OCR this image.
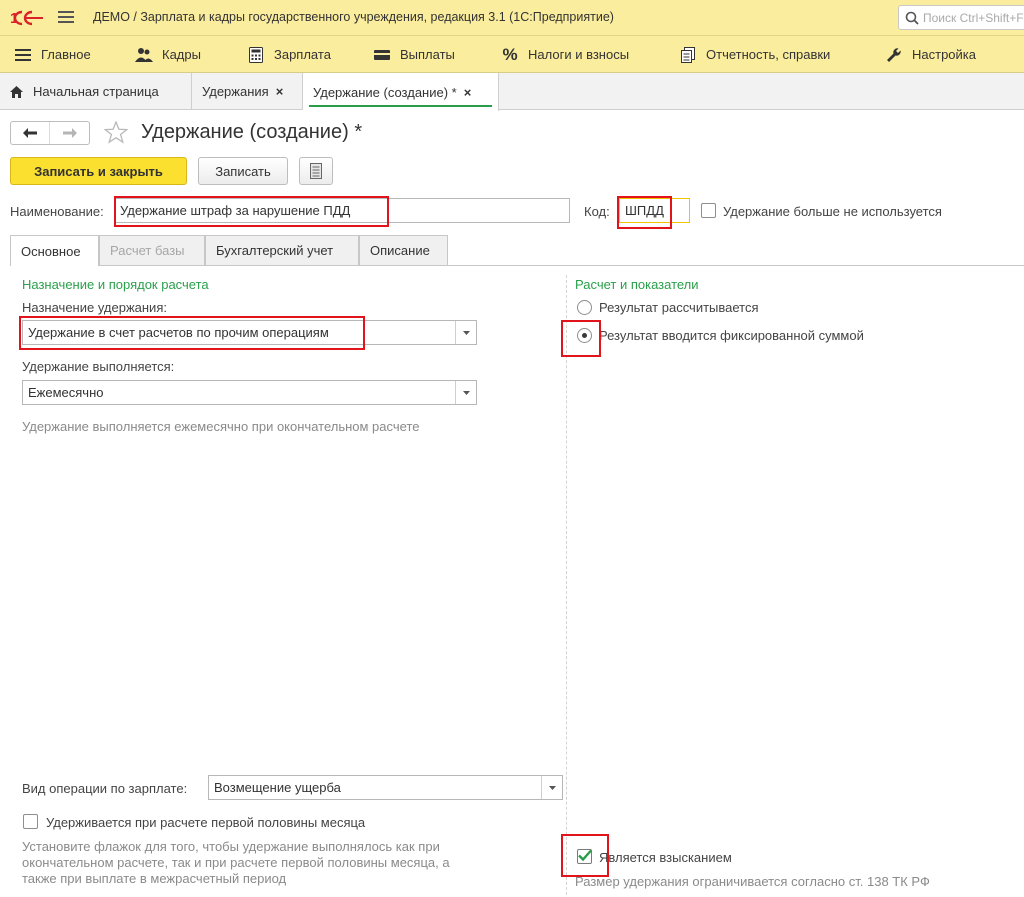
1	ДЕМО / Зарплата и кадры государственного учреждения, редакция 3.1 (1С:Предприятие)	Поиск Ctrl+Shift+F
Главное	Кадры	Зарплата	Выплаты	% Налоги и взносы	Отчетность, справки	Настройка
Начальная страница	Удержания × Удержание (создание) * ×
Удержание (создание) *
Записать и закрыть	Записать
Наименование: Удержание штраф за нарушение ПДД	Код: ШПДД	Удержание больше не используется
Основное	Расчет базы	Бухгалтерский учет	Описание
Назначение и порядок расчета
Назначение удержания:
Удержание в счет расчетов по прочим операциям
Удержание выполняется:
Ежемесячно
Удержание выполняется ежемесячно при окончательном расчете
Вид операции по зарплате: Возмещение ущерба
Удерживается при расчете первой половины месяца
Установите флажок для того, чтобы удержание выполнялось как при окончательном расчете, так и при расчете первой половины месяца, а также при выплате в межрасчетный период
Расчет и показатели
Результат рассчитывается
Результат вводится фиксированной суммой
Является взысканием
Размер удержания ограничивается согласно ст. 138 ТК РФ
